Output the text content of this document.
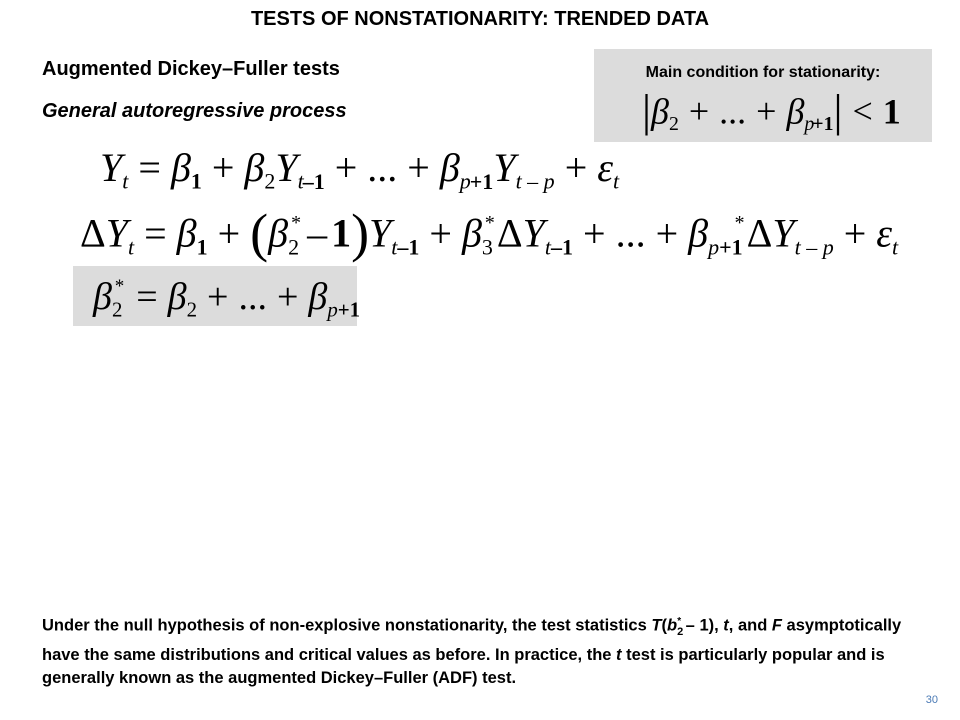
TESTS OF NONSTATIONARITY: TRENDED DATA
Augmented Dickey–Fuller tests
General autoregressive process
Main condition for stationarity:
$|\beta_2$ + ... + $\beta_{p+1}| < 1$
$Y_t = \beta_1 + \beta_2Y_{t-1}$ + ... + $\beta_{p+1}Y_{t - p} + \varepsilon_t$
$\Delta Y_t = \beta_1 + (\beta_2^* - 1)Y_{t-1} + \beta_3^*\Delta Y_{t-1}$ + ... + $\beta_{p+1}^*\Delta Y_{t - p} + \varepsilon_t$
$\beta_2^* = \beta_2$ + ... + $\beta_{p+1}$
Under the null hypothesis of non-explosive nonstationarity, the test statistics $T(b_2^* - 1)$, t, and F asymptotically have the same distributions and critical values as before. In practice, the t test is particularly popular and is generally known as the augmented Dickey–Fuller (ADF) test.
30
